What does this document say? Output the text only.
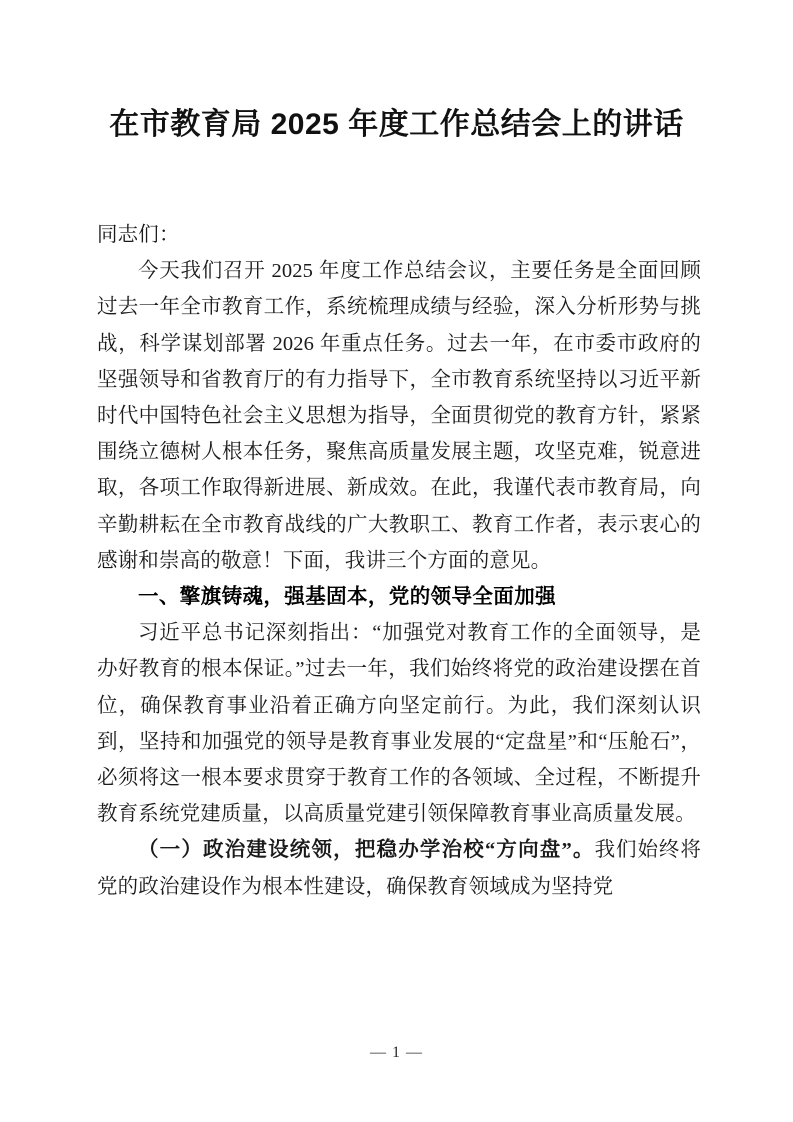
在市教育局 2025 年度工作总结会上的讲话

同志们：

今天我们召开 2025 年度工作总结会议，主要任务是全面回顾过去一年全市教育工作，系统梳理成绩与经验，深入分析形势与挑战，科学谋划部署 2026 年重点任务。过去一年，在市委市政府的坚强领导和省教育厅的有力指导下，全市教育系统坚持以习近平新时代中国特色社会主义思想为指导，全面贯彻党的教育方针，紧紧围绕立德树人根本任务，聚焦高质量发展主题，攻坚克难，锐意进取，各项工作取得新进展、新成效。在此，我谨代表市教育局，向辛勤耕耘在全市教育战线的广大教职工、教育工作者，表示衷心的感谢和崇高的敬意！下面，我讲三个方面的意见。

一、擎旗铸魂，强基固本，党的领导全面加强

习近平总书记深刻指出：“加强党对教育工作的全面领导，是办好教育的根本保证。”过去一年，我们始终将党的政治建设摆在首位，确保教育事业沿着正确方向坚定前行。为此，我们深刻认识到，坚持和加强党的领导是教育事业发展的“定盘星”和“压舱石”，必须将这一根本要求贯穿于教育工作的各领域、全过程，不断提升教育系统党建质量，以高质量党建引领保障教育事业高质量发展。

（一）政治建设统领，把稳办学治校“方向盘”。我们始终将党的政治建设作为根本性建设，确保教育领域成为坚持党

— 1 —
